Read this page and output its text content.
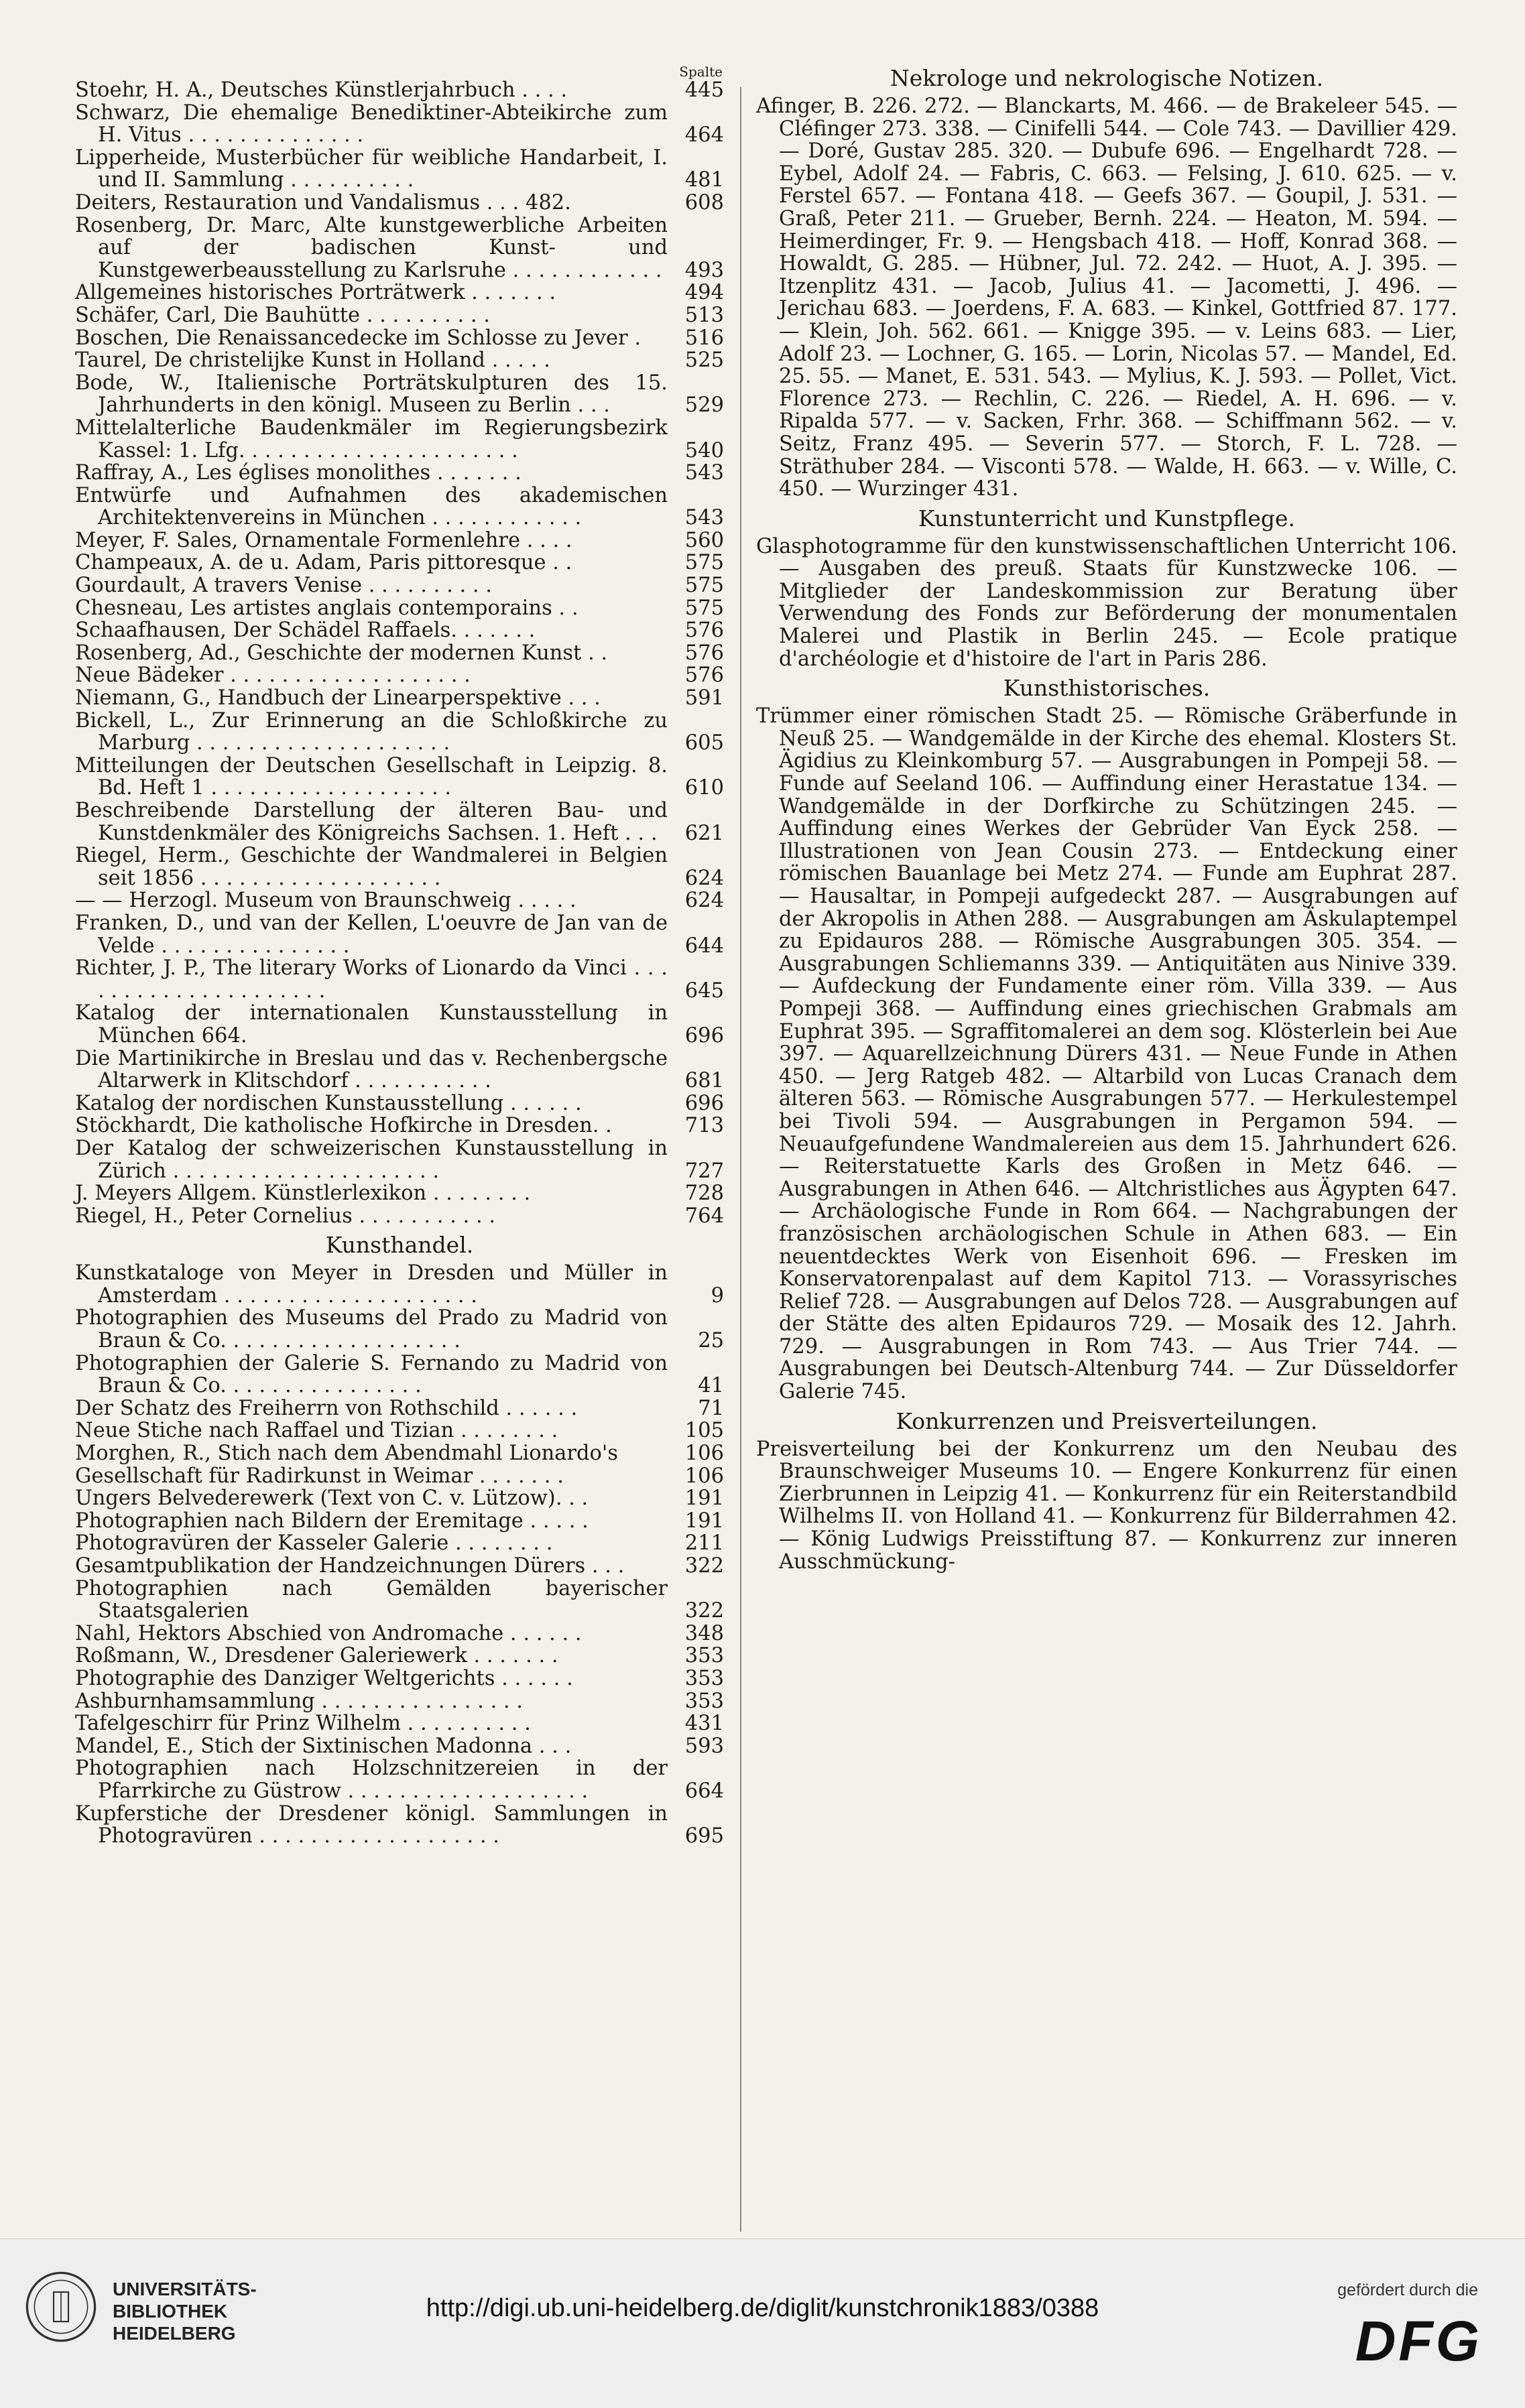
Spalte
Stoehr, H. A., Deutsches Künstlerjahrbuch . . . .	445
Schwarz, Die ehemalige Benediktiner-Abteikirche zum H. Vitus . . . . . . . . . . . . . .	464
Lipperheide, Musterbücher für weibliche Handarbeit, I. und II. Sammlung . . . . . . . . . .	481
Deiters, Restauration und Vandalismus . . . 482.	608
Rosenberg, Dr. Marc, Alte kunstgewerbliche Arbeiten auf der badischen Kunst- und Kunstgewerbeausstellung zu Karlsruhe . . . . . . . . . . . .	493
Allgemeines historisches Porträtwerk . . . . . . .	494
Schäfer, Carl, Die Bauhütte . . . . . . . . . .	513
Boschen, Die Renaissancedecke im Schlosse zu Jever .	516
Taurel, De christelijke Kunst in Holland . . . . .	525
Bode, W., Italienische Porträtskulpturen des 15. Jahrhunderts in den königl. Museen zu Berlin . . .	529
Mittelalterliche Baudenkmäler im Regierungsbezirk Kassel: 1. Lfg. . . . . . . . . . . . . . . . . . . . . .	540
Raffray, A., Les églises monolithes . . . . . . .	543
Entwürfe und Aufnahmen des akademischen Architektenvereins in München . . . . . . . . . . . .	543
Meyer, F. Sales, Ornamentale Formenlehre . . . .	560
Champeaux, A. de u. Adam, Paris pittoresque . .	575
Gourdault, A travers Venise . . . . . . . . . .	575
Chesneau, Les artistes anglais contemporains . .	575
Schaafhausen, Der Schädel Raffaels. . . . . . .	576
Rosenberg, Ad., Geschichte der modernen Kunst . .	576
Neue Bädeker . . . . . . . . . . . . . . . . . . .	576
Niemann, G., Handbuch der Linearperspektive . . .	591
Bickell, L., Zur Erinnerung an die Schloßkirche zu Marburg . . . . . . . . . . . . . . . . . . . .	605
Mitteilungen der Deutschen Gesellschaft in Leipzig. 8. Bd. Heft 1 . . . . . . . . . . . . . . . . . . .	610
Beschreibende Darstellung der älteren Bau- und Kunstdenkmäler des Königreichs Sachsen. 1. Heft . . .	621
Riegel, Herm., Geschichte der Wandmalerei in Belgien seit 1856 . . . . . . . . . . . . . . . . . . .	624
— — Herzogl. Museum von Braunschweig . . . . .	624
Franken, D., und van der Kellen, L'oeuvre de Jan van de Velde . . . . . . . . . . . . . . .	644
Richter, J. P., The literary Works of Lionardo da Vinci . . . . . . . . . . . . . . . . . . . . .	645
Katalog der internationalen Kunstausstellung in München 664.	696
Die Martinikirche in Breslau und das v. Rechenbergsche Altarwerk in Klitschdorf . . . . . . . . . . .	681
Katalog der nordischen Kunstausstellung . . . . . .	696
Stöckhardt, Die katholische Hofkirche in Dresden. .	713
Der Katalog der schweizerischen Kunstausstellung in Zürich . . . . . . . . . . . . . . . . . . . . .	727
J. Meyers Allgem. Künstlerlexikon . . . . . . . .	728
Riegel, H., Peter Cornelius . . . . . . . . . . .	764
Kunsthandel.
Kunstkataloge von Meyer in Dresden und Müller in Amsterdam . . . . . . . . . . . . . . . . . . . .	9
Photographien des Museums del Prado zu Madrid von Braun & Co. . . . . . . . . . . . . . . . . . .	25
Photographien der Galerie S. Fernando zu Madrid von Braun & Co. . . . . . . . . . . . . . . .	41
Der Schatz des Freiherrn von Rothschild . . . . . .	71
Neue Stiche nach Raffael und Tizian . . . . . . . .	105
Morghen, R., Stich nach dem Abendmahl Lionardo's	106
Gesellschaft für Radirkunst in Weimar . . . . . . .	106
Ungers Belvederewerk (Text von C. v. Lützow). . .	191
Photographien nach Bildern der Eremitage . . . . .	191
Photogravüren der Kasseler Galerie . . . . . . . .	211
Gesamtpublikation der Handzeichnungen Dürers . . .	322
Photographien nach Gemälden bayerischer Staatsgalerien	322
Nahl, Hektors Abschied von Andromache . . . . . .	348
Roßmann, W., Dresdener Galeriewerk . . . . . . .	353
Photographie des Danziger Weltgerichts . . . . . .	353
Ashburnhamsammlung . . . . . . . . . . . . . . . .	353
Tafelgeschirr für Prinz Wilhelm . . . . . . . . . .	431
Mandel, E., Stich der Sixtinischen Madonna . . .	593
Photographien nach Holzschnitzereien in der Pfarrkirche zu Güstrow . . . . . . . . . . . . . . . . . . .	664
Kupferstiche der Dresdener königl. Sammlungen in Photogravüren . . . . . . . . . . . . . . . . . . .	695
Nekrologe und nekrologische Notizen.
Afinger, B. 226. 272. — Blanckarts, M. 466. — de Brakeleer 545. — Cléfinger 273. 338. — Cinifelli 544. — Cole 743. — Davillier 429. — Doré, Gustav 285. 320. — Dubufe 696. — Engelhardt 728. — Eybel, Adolf 24. — Fabris, C. 663. — Felsing, J. 610. 625. — v. Ferstel 657. — Fontana 418. — Geefs 367. — Goupil, J. 531. — Graß, Peter 211. — Grueber, Bernh. 224. — Heaton, M. 594. — Heimerdinger, Fr. 9. — Hengsbach 418. — Hoff, Konrad 368. — Howaldt, G. 285. — Hübner, Jul. 72. 242. — Huot, A. J. 395. — Itzenplitz 431. — Jacob, Julius 41. — Jacometti, J. 496. — Jerichau 683. — Joerdens, F. A. 683. — Kinkel, Gottfried 87. 177. — Klein, Joh. 562. 661. — Knigge 395. — v. Leins 683. — Lier, Adolf 23. — Lochner, G. 165. — Lorin, Nicolas 57. — Mandel, Ed. 25. 55. — Manet, E. 531. 543. — Mylius, K. J. 593. — Pollet, Vict. Florence 273. — Rechlin, C. 226. — Riedel, A. H. 696. — v. Ripalda 577. — v. Sacken, Frhr. 368. — Schiffmann 562. — v. Seitz, Franz 495. — Severin 577. — Storch, F. L. 728. — Sträthuber 284. — Visconti 578. — Walde, H. 663. — v. Wille, C. 450. — Wurzinger 431.
Kunstunterricht und Kunstpflege.
Glasphotogramme für den kunstwissenschaftlichen Unterricht 106. — Ausgaben des preuß. Staats für Kunstzwecke 106. — Mitglieder der Landeskommission zur Beratung über Verwendung des Fonds zur Beförderung der monumentalen Malerei und Plastik in Berlin 245. — Ecole pratique d'archéologie et d'histoire de l'art in Paris 286.
Kunsthistorisches.
Trümmer einer römischen Stadt 25. — Römische Gräberfunde in Neuß 25. — Wandgemälde in der Kirche des ehemal. Klosters St. Ägidius zu Kleinkomburg 57. — Ausgrabungen in Pompeji 58. — Funde auf Seeland 106. — Auffindung einer Herastatue 134. — Wandgemälde in der Dorfkirche zu Schützingen 245. — Auffindung eines Werkes der Gebrüder Van Eyck 258. — Illustrationen von Jean Cousin 273. — Entdeckung einer römischen Bauanlage bei Metz 274. — Funde am Euphrat 287. — Hausaltar, in Pompeji aufgedeckt 287. — Ausgrabungen auf der Akropolis in Athen 288. — Ausgrabungen am Äskulaptempel zu Epidauros 288. — Römische Ausgrabungen 305. 354. — Ausgrabungen Schliemanns 339. — Antiquitäten aus Ninive 339. — Aufdeckung der Fundamente einer röm. Villa 339. — Aus Pompeji 368. — Auffindung eines griechischen Grabmals am Euphrat 395. — Sgraffitomalerei an dem sog. Klösterlein bei Aue 397. — Aquarellzeichnung Dürers 431. — Neue Funde in Athen 450. — Jerg Ratgeb 482. — Altarbild von Lucas Cranach dem älteren 563. — Römische Ausgrabungen 577. — Herkulestempel bei Tivoli 594. — Ausgrabungen in Pergamon 594. — Neuaufgefundene Wandmalereien aus dem 15. Jahrhundert 626. — Reiterstatuette Karls des Großen in Metz 646. — Ausgrabungen in Athen 646. — Altchristliches aus Ägypten 647. — Archäologische Funde in Rom 664. — Nachgrabungen der französischen archäologischen Schule in Athen 683. — Ein neuentdecktes Werk von Eisenhoit 696. — Fresken im Konservatorenpalast auf dem Kapitol 713. — Vorassyrisches Relief 728. — Ausgrabungen auf Delos 728. — Ausgrabungen auf der Stätte des alten Epidauros 729. — Mosaik des 12. Jahrh. 729. — Ausgrabungen in Rom 743. — Aus Trier 744. — Ausgrabungen bei Deutsch-Altenburg 744. — Zur Düsseldorfer Galerie 745.
Konkurrenzen und Preisverteilungen.
Preisverteilung bei der Konkurrenz um den Neubau des Braunschweiger Museums 10. — Engere Konkurrenz für einen Zierbrunnen in Leipzig 41. — Konkurrenz für ein Reiterstandbild Wilhelms II. von Holland 41. — Konkurrenz für Bilderrahmen 42. — König Ludwigs Preisstiftung 87. — Konkurrenz zur inneren Ausschmückung-
UNIVERSITÄTS-
BIBLIOTHEK
HEIDELBERG
http://digi.ub.uni-heidelberg.de/diglit/kunstchronik1883/0388
gefördert durch die
DFG
